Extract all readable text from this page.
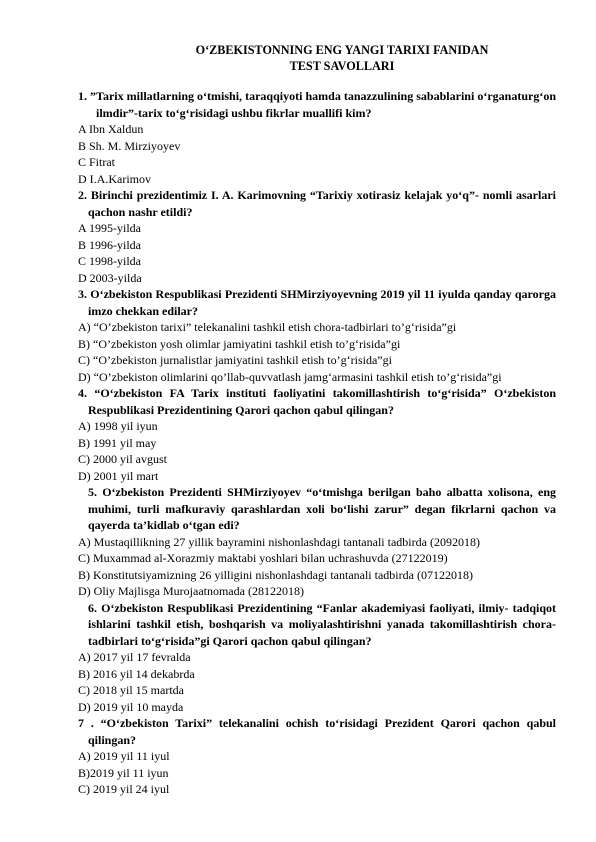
O‘ZBEKISTONNING ENG YANGI TARIXI FANIDAN
TEST SAVOLLARI

1. ”Tarix millatlarning o‘tmishi, taraqqiyoti hamda tanazzulining sabablarini o‘rganaturg‘on ilmdir”-tarix to‘g‘risidagi ushbu fikrlar muallifi kim?

A Ibn Xaldun

B Sh. M. Mirziyoyev

C Fitrat

D I.A.Karimov

2. Birinchi prezidentimiz I. A. Karimovning “Tarixiy xotirasiz kelajak yo‘q”- nomli asarlari qachon nashr etildi?

A 1995-yilda

B 1996-yilda

C 1998-yilda

D 2003-yilda

3. O‘zbekiston Respublikasi Prezidenti SHMirziyoyevning 2019 yil 11 iyulda qanday qarorga imzo chekkan edilar?

A) “O’zbekiston tarixi” telekanalini tashkil etish chora-tadbirlari to’g‘risida”gi

B) “O’zbekiston yosh olimlar jamiyatini tashkil etish to’g‘risida”gi

C) “O’zbekiston jurnalistlar jamiyatini tashkil etish to’g‘risida”gi

D) “O’zbekiston olimlarini qo’llab-quvvatlash jamg‘armasini tashkil etish to’g‘risida”gi

4. “O‘zbekiston FA Tarix instituti faoliyatini takomillashtirish to‘g‘risida” O‘zbekiston Respublikasi Prezidentining Qarori qachon qabul qilingan?

A) 1998 yil iyun

B) 1991 yil may

C) 2000 yil avgust

D) 2001 yil mart

5. O‘zbekiston Prezidenti SHMirziyoyev “o‘tmishga berilgan baho albatta xolisona, eng muhimi, turli mafkuraviy qarashlardan xoli bo‘lishi zarur” degan fikrlarni qachon va qayerda ta’kidlab o‘tgan edi?

A) Mustaqillikning 27 yillik bayramini nishonlashdagi tantanali tadbirda (2092018)

C) Muxammad al-Xorazmiy maktabi yoshlari bilan uchrashuvda (27122019)

B) Konstitutsiyamizning 26 yilligini nishonlashdagi tantanali tadbirda (07122018)

D) Oliy Majlisga Murojaatnomada (28122018)

6. O‘zbekiston Respublikasi Prezidentining “Fanlar akademiyasi faoliyati, ilmiy- tadqiqot ishlarini tashkil etish, boshqarish va moliyalashtirishni yanada takomillashtirish chora-tadbirlari to‘g‘risida”gi Qarori qachon qabul qilingan?

A) 2017 yil 17 fevralda

B) 2016 yil 14 dekabrda

C) 2018 yil 15 martda

D) 2019 yil 10 mayda

7 . “O‘zbekiston Tarixi” telekanalini ochish to‘risidagi Prezident Qarori qachon qabul qilingan?

A) 2019 yil 11 iyul

B)2019 yil 11 iyun

C) 2019 yil 24 iyul
